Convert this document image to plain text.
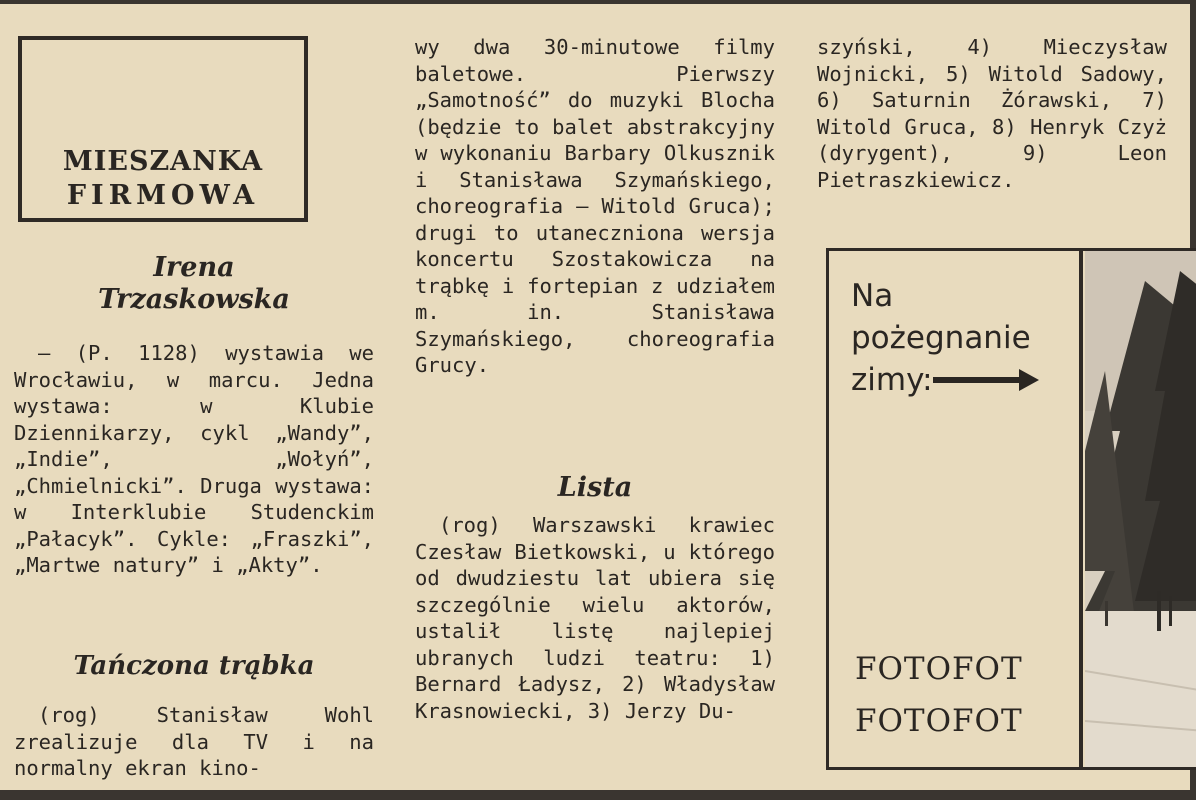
MIESZANKA
FIRMOWA
Irena
Trzaskowska
— (P. 1128) wystawia we Wrocławiu, w marcu. Jedna wystawa: w Klubie Dziennikarzy, cykl „Wandy”, „Indie”, „Wołyń”, „Chmielnicki”. Druga wystawa: w Interklubie Studenckim „Pałacyk”. Cykle: „Fraszki”, „Martwe natury” i „Akty”.
Tańczona trąbka
(rog) Stanisław Wohl zrealizuje dla TV i na normalny ekran kino-
wy dwa 30-minutowe filmy baletowe. Pierwszy „Samotność” do muzyki Blocha (będzie to balet abstrakcyjny w wykonaniu Barbary Olkusznik i Stanisława Szymańskiego, choreografia — Witold Gruca); drugi to utaneczniona wersja koncertu Szostakowicza na trąbkę i fortepian z udziałem m. in. Stanisława Szymańskiego, choreografia Grucy.
Lista
(rog) Warszawski krawiec Czesław Bietkowski, u którego od dwudziestu lat ubiera się szczególnie wielu aktorów, ustalił listę najlepiej ubranych ludzi teatru: 1) Bernard Ładysz, 2) Władysław Krasnowiecki, 3) Jerzy Du-
szyński, 4) Mieczysław Wojnicki, 5) Witold Sadowy, 6) Saturnin Żórawski, 7) Witold Gruca, 8) Henryk Czyż (dyrygent), 9) Leon Pietraszkiewicz.
Na
pożegnanie
zimy:
FOTOFOT
FOTOFOT
